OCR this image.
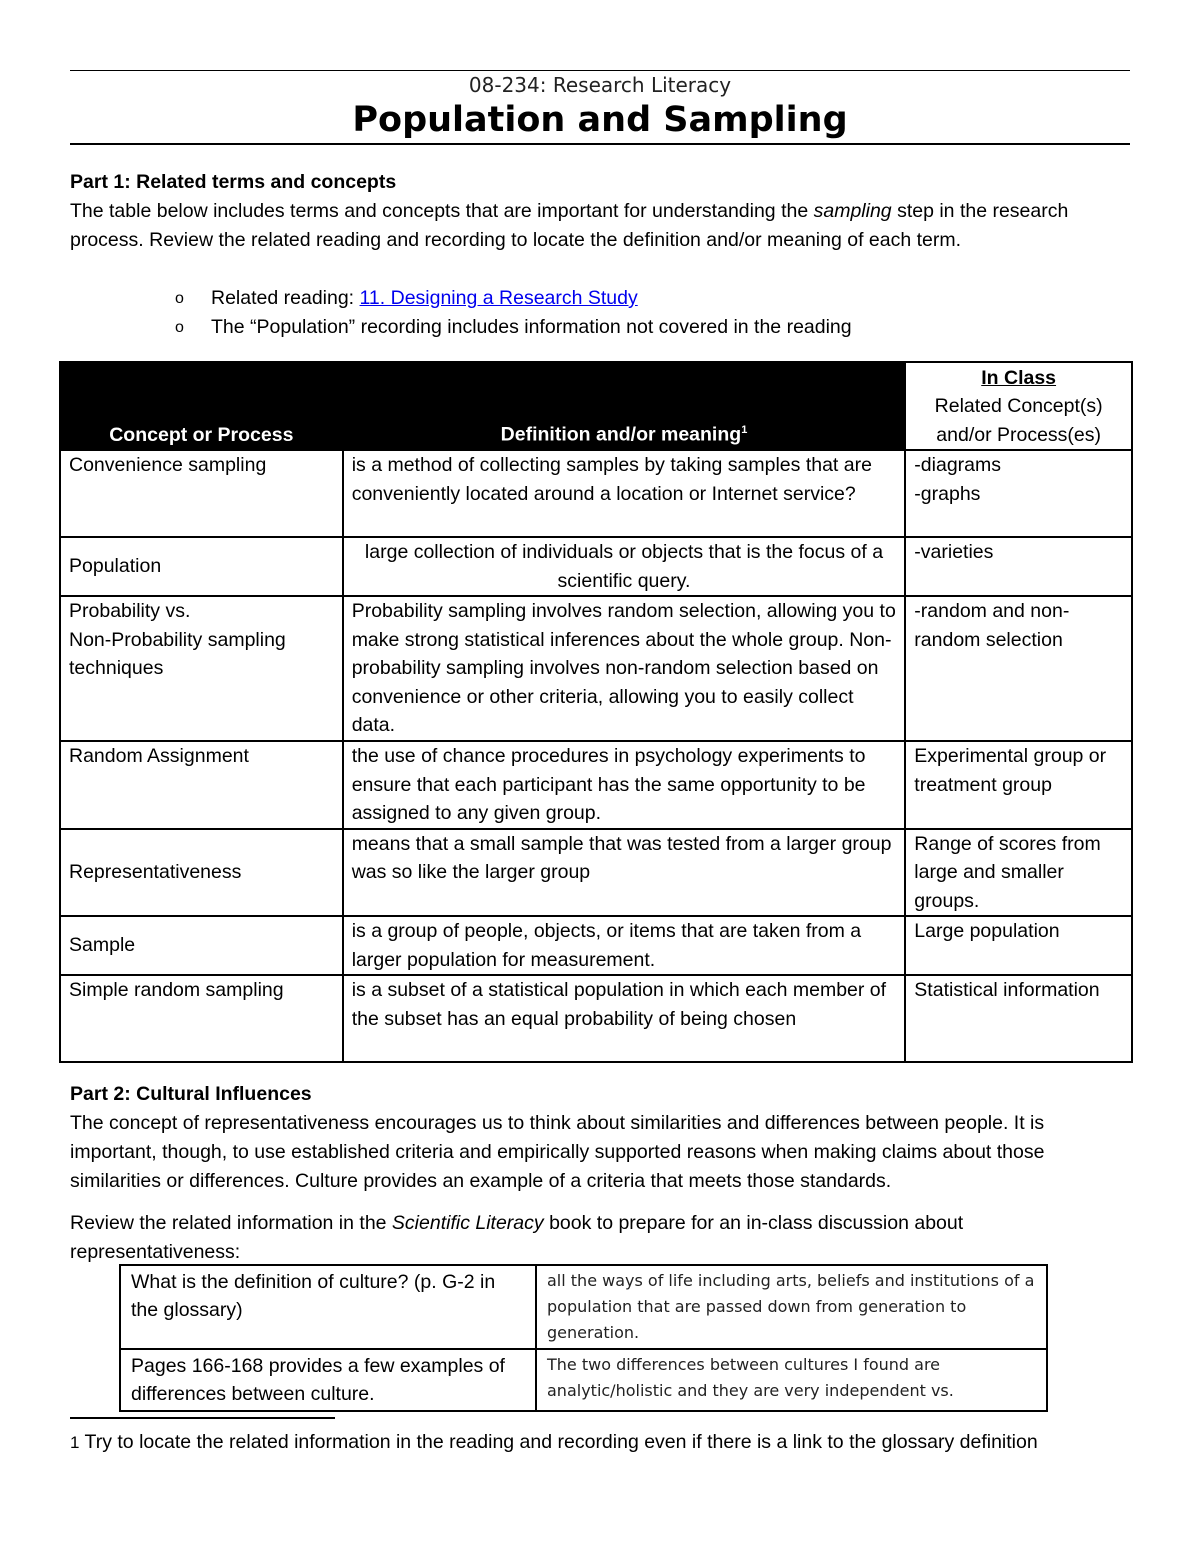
08-234: Research Literacy
Population and Sampling
Part 1: Related terms and concepts
The table below includes terms and concepts that are important for understanding the sampling step in the research process. Review the related reading and recording to locate the definition and/or meaning of each term.
o	Related reading: 11. Designing a Research Study
o	The “Population” recording includes information not covered in the reading
Concept or Process	Definition and/or meaning$^1$	In Class
Related Concept(s)
and/or Process(es)

Convenience sampling	is a method of collecting samples by taking samples that are conveniently located around a location or Internet service?	-diagrams
-graphs
Population	large collection of individuals or objects that is the focus of a scientific query.	-varieties
Probability vs.
Non-Probability sampling techniques	Probability sampling involves random selection, allowing you to make strong statistical inferences about the whole group. Non-probability sampling involves non-random selection based on convenience or other criteria, allowing you to easily collect data.	-random and non-random selection
Random Assignment	the use of chance procedures in psychology experiments to ensure that each participant has the same opportunity to be assigned to any given group.	Experimental group or treatment group
Representativeness	means that a small sample that was tested from a larger group was so like the larger group	Range of scores from large and smaller groups.
Sample	is a group of people, objects, or items that are taken from a larger population for measurement.	Large population
Simple random sampling	is a subset of a statistical population in which each member of the subset has an equal probability of being chosen	Statistical information
Part 2: Cultural Influences
The concept of representativeness encourages us to think about similarities and differences between people. It is important, though, to use established criteria and empirically supported reasons when making claims about those similarities or differences. Culture provides an example of a criteria that meets those standards.
Review the related information in the Scientific Literacy book to prepare for an in-class discussion about representativeness:
What is the definition of culture? (p. G-2 in the glossary)	all the ways of life including arts, beliefs and institutions of a population that are passed down from generation to generation.
Pages 166-168 provides a few examples of differences between culture.	The two differences between cultures I found are analytic/holistic and they are very independent vs.
1 Try to locate the related information in the reading and recording even if there is a link to the glossary definition
